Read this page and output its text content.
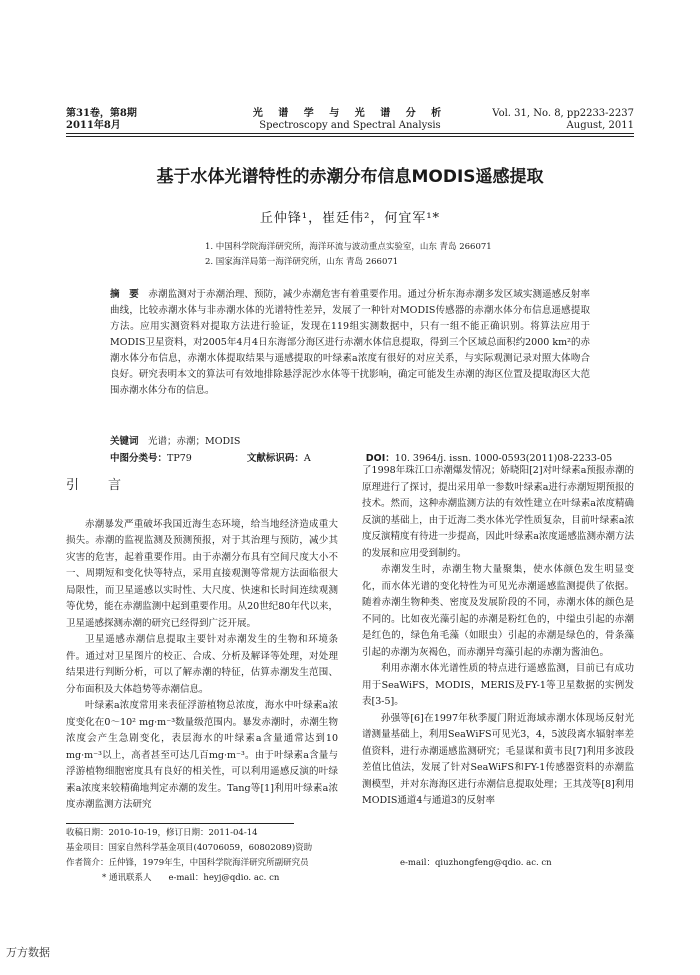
第31卷，第8期
2011年8月
光 谱 学 与 光 谱 分 析
Spectroscopy and Spectral Analysis
Vol. 31, No. 8, pp2233-2237
August, 2011
基于水体光谱特性的赤潮分布信息MODIS遥感提取
丘仲锋¹，崔廷伟²，何宜军¹*
1. 中国科学院海洋研究所，海洋环流与波动重点实验室，山东 青岛 266071
2. 国家海洋局第一海洋研究所，山东 青岛 266071
摘　要　 赤潮监测对于赤潮治理、预防，减少赤潮危害有着重要作用。通过分析东海赤潮多发区域实测遥感反射率曲线，比较赤潮水体与非赤潮水体的光谱特性差异，发展了一种针对MODIS传感器的赤潮水体分布信息遥感提取方法。应用实测资料对提取方法进行验证，发现在119组实测数据中，只有一组不能正确识别。将算法应用于MODIS卫星资料，对2005年4月4日东海部分海区进行赤潮水体信息提取，得到三个区域总面积约2000 km²的赤潮水体分布信息，赤潮水体提取结果与遥感提取的叶绿素a浓度有很好的对应关系，与实际观测记录对照大体吻合良好。研究表明本文的算法可有效地排除悬浮泥沙水体等干扰影响，确定可能发生赤潮的海区位置及提取海区大范围赤潮水体分布的信息。
关键词　 光谱；赤潮；MODIS
中图分类号：TP79	文献标识码：A	DOI：10. 3964/j. issn. 1000-0593(2011)08-2233-05
引　言

赤潮暴发严重破坏我国近海生态环境，给当地经济造成重大损失。赤潮的监视监测及预测预报，对于其治理与预防，减少其灾害的危害，起着重要作用。由于赤潮分布具有空间尺度大小不一、周期短和变化快等特点，采用直接观测等常规方法面临很大局限性，而卫星遥感以实时性、大尺度、快速和长时间连续观测等优势，能在赤潮监测中起到重要作用。从20世纪80年代以来，卫星遥感探测赤潮的研究已经得到广泛开展。

卫星遥感赤潮信息提取主要针对赤潮发生的生物和环境条件。通过对卫星图片的校正、合成、分析及解译等处理，对处理结果进行判断分析，可以了解赤潮的特征，估算赤潮发生范围、分布面积及大体趋势等赤潮信息。

叶绿素a浓度常用来表征浮游植物总浓度，海水中叶绿素a浓度变化在0～10² mg·m⁻³数量级范围内。暴发赤潮时，赤潮生物浓度会产生急剧变化，表层海水的叶绿素a含量通常达到10 mg·m⁻³以上，高者甚至可达几百mg·m⁻³。由于叶绿素a含量与浮游植物细胞密度具有良好的相关性，可以利用遥感反演的叶绿素a浓度来较精确地判定赤潮的发生。Tang等[1]利用叶绿素a浓度赤潮监测方法研究

了1998年珠江口赤潮爆发情况；娇晓阳[2]对叶绿素a预报赤潮的原理进行了探讨，提出采用单一参数叶绿素a进行赤潮短期预报的技术。然而，这种赤潮监测方法的有效性建立在叶绿素a浓度精确反演的基础上，由于近海二类水体光学性质复杂，目前叶绿素a浓度反演精度有待进一步提高，因此叶绿素a浓度遥感监测赤潮方法的发展和应用受到制约。

赤潮发生时，赤潮生物大量聚集，使水体颜色发生明显变化，而水体光谱的变化特性为可见光赤潮遥感监测提供了依据。随着赤潮生物种类、密度及发展阶段的不同，赤潮水体的颜色是不同的。比如夜光藻引起的赤潮是粉红色的，中缢虫引起的赤潮是红色的，绿色角毛藻（如眼虫）引起的赤潮是绿色的，骨条藻引起的赤潮为灰褐色，而赤潮异弯藻引起的赤潮为酱油色。

利用赤潮水体光谱性质的特点进行遥感监测，目前已有成功用于SeaWiFS，MODIS，MERIS及FY-1等卫星数据的实例发表[3-5]。

孙强等[6]在1997年秋季厦门附近海域赤潮水体现场反射光谱测量基础上，利用SeaWiFS可见光3，4，5波段离水辐射率差值资料，进行赤潮遥感监测研究；毛显谋和黄韦艮[7]利用多波段差值比值法，发展了针对SeaWiFS和FY-1传感器资料的赤潮监测模型，并对东海海区进行赤潮信息提取处理；王其茂等[8]利用MODIS通道4与通道3的反射率

收稿日期：2010-10-19，修订日期：2011-04-14
基金项目：国家自然科学基金项目(40706059，60802089)资助
作者简介：丘仲锋，1979年生，中国科学院海洋研究所副研究员
* 通讯联系人　　e-mail：heyj@qdio. ac. cn
e-mail：qiuzhongfeng@qdio. ac. cn
万方数据
